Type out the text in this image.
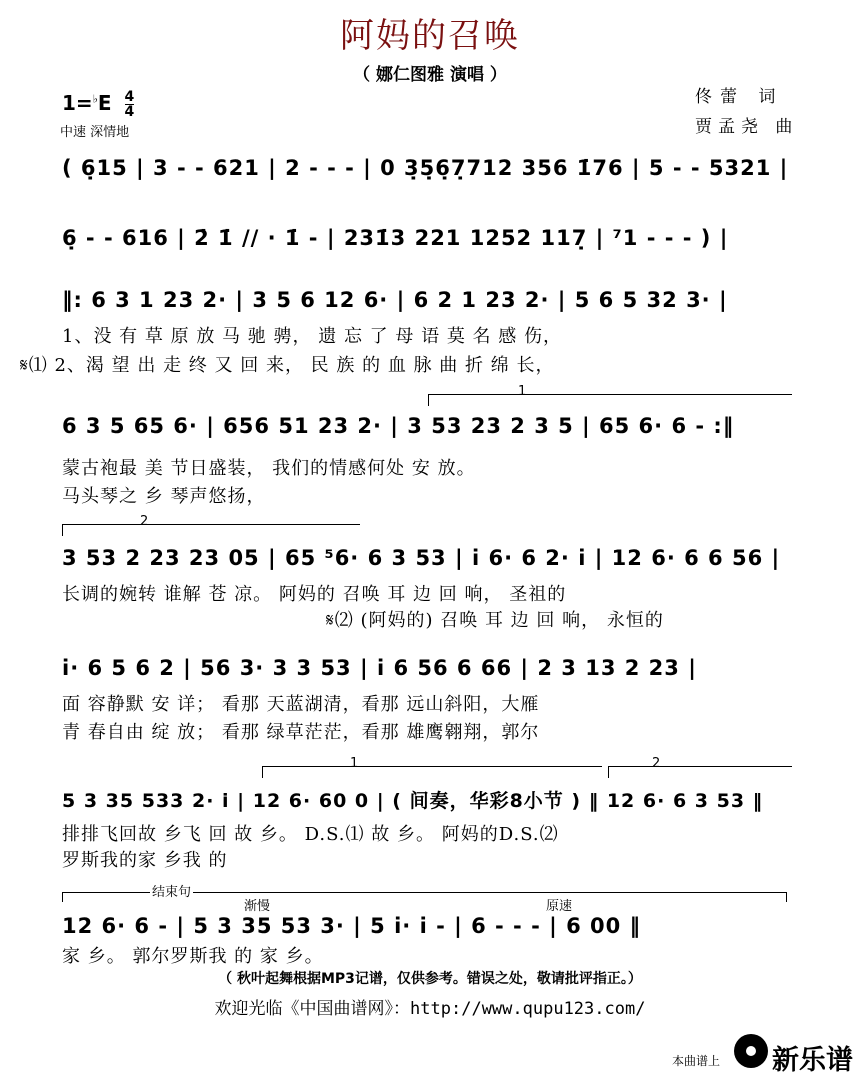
阿妈的召唤
（ 娜仁图雅 演唱 ）
$1=^♭E \frac{4}{4}$
中速 深情地
佟蕾 词
贾孟尧 曲
( 6̣15 | 3 - - 621 | 2 - - - | 0 3̣5̣6̣7̣712 356 1̇76 | 5 - - 5321 |
6̣ - - 616 | 2̇ 1̇ // · 1̇ - | 231̇3 221 1252 117̣ | ⁷1 - - - ) |
‖: 6 3 1 23 2· | 3 5 6 12 6· | 6 2 1 23 2· | 5 6 5 32 3· |
1、没 有 草 原 放 马 驰 骋， 遗 忘 了 母 语 莫 名 感 伤，
𝄋⑴ 2、渴 望 出 走 终 又 回 来， 民 族 的 血 脉 曲 折 绵 长，
1
6 3 5 65 6· | 656 51 23 2· | 3 53 23 2 3 5 | 65 6· 6 - :‖
蒙古袍最 美 节日盛装， 我们的情感何处 安 放。
马头琴之 乡 琴声悠扬，
2
3 53 2 23 23 05 | 65 ⁵6· 6 3 53 | i 6· 6 2· i | 12 6· 6 6 56 |
长调的婉转 谁解 苍 凉。 阿妈的 召唤 耳 边 回 响， 圣祖的
𝄋⑵ (阿妈的) 召唤 耳 边 回 响， 永恒的
i· 6 5 6 2 | 56 3· 3 3 53 | i 6 56 6 66 | 2 3 13 2 23 |
面 容静默 安 详； 看那 天蓝湖清，看那 远山斜阳，大雁
青 春自由 绽 放； 看那 绿草茫茫，看那 雄鹰翱翔，郭尔
1	2
5 3 35 533 2· i | 12 6· 60 0 | ( 间奏，华彩8小节 ) ‖ 12 6· 6 3 53 ‖
排排飞回故 乡飞 回 故 乡。 D.S.⑴ 故 乡。 阿妈的D.S.⑵
罗斯我的家 乡我 的
结束句
渐慢	原速
12 6· 6 - | 5 3 35 53 3· | 5 i· i - | 6 - - - | 6 00 ‖
家 乡。 郭尔罗斯我 的 家 乡。
（ 秋叶起舞根据MP3记谱，仅供参考。错误之处，敬请批评指正。）
欢迎光临《中国曲谱网》：http://www.qupu123.com/
本曲谱上 新乐谱
